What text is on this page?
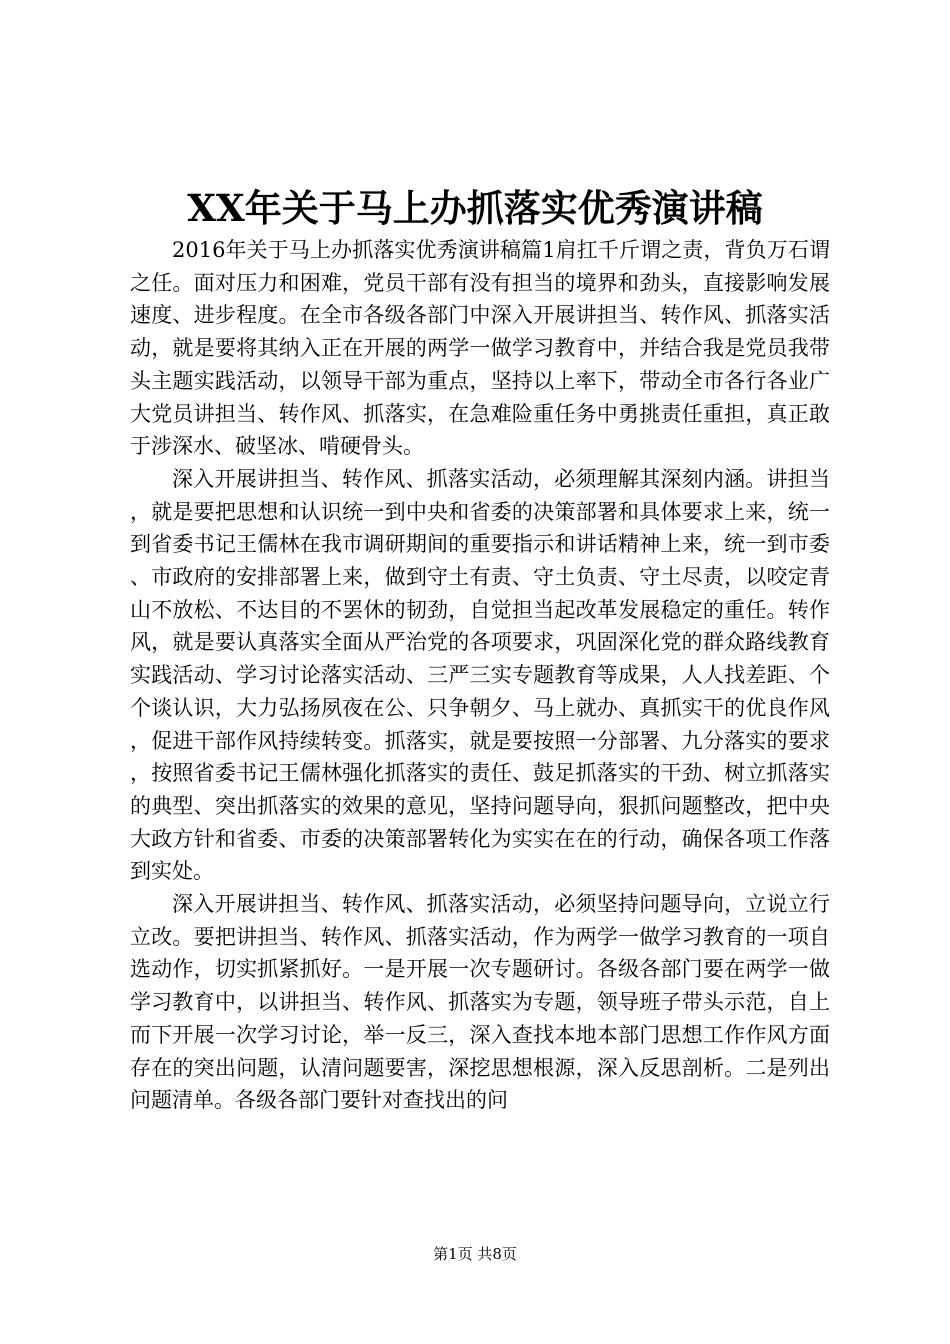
XX年关于马上办抓落实优秀演讲稿

2016年关于马上办抓落实优秀演讲稿篇1肩扛千斤谓之责，背负万石谓之任。面对压力和困难，党员干部有没有担当的境界和劲头，直接影响发展速度、进步程度。在全市各级各部门中深入开展讲担当、转作风、抓落实活动，就是要将其纳入正在开展的两学一做学习教育中，并结合我是党员我带头主题实践活动，以领导干部为重点，坚持以上率下，带动全市各行各业广大党员讲担当、转作风、抓落实，在急难险重任务中勇挑责任重担，真正敢于涉深水、破坚冰、啃硬骨头。

深入开展讲担当、转作风、抓落实活动，必须理解其深刻内涵。讲担当，就是要把思想和认识统一到中央和省委的决策部署和具体要求上来，统一到省委书记王儒林在我市调研期间的重要指示和讲话精神上来，统一到市委、市政府的安排部署上来，做到守土有责、守土负责、守土尽责，以咬定青山不放松、不达目的不罢休的韧劲，自觉担当起改革发展稳定的重任。转作风，就是要认真落实全面从严治党的各项要求，巩固深化党的群众路线教育实践活动、学习讨论落实活动、三严三实专题教育等成果，人人找差距、个个谈认识，大力弘扬夙夜在公、只争朝夕、马上就办、真抓实干的优良作风，促进干部作风持续转变。抓落实，就是要按照一分部署、九分落实的要求，按照省委书记王儒林强化抓落实的责任、鼓足抓落实的干劲、树立抓落实的典型、突出抓落实的效果的意见，坚持问题导向，狠抓问题整改，把中央大政方针和省委、市委的决策部署转化为实实在在的行动，确保各项工作落到实处。

深入开展讲担当、转作风、抓落实活动，必须坚持问题导向，立说立行立改。要把讲担当、转作风、抓落实活动，作为两学一做学习教育的一项自选动作，切实抓紧抓好。一是开展一次专题研讨。各级各部门要在两学一做学习教育中，以讲担当、转作风、抓落实为专题，领导班子带头示范，自上而下开展一次学习讨论，举一反三，深入查找本地本部门思想工作作风方面存在的突出问题，认清问题要害，深挖思想根源，深入反思剖析。二是列出问题清单。各级各部门要针对查找出的问

第1页 共8页
